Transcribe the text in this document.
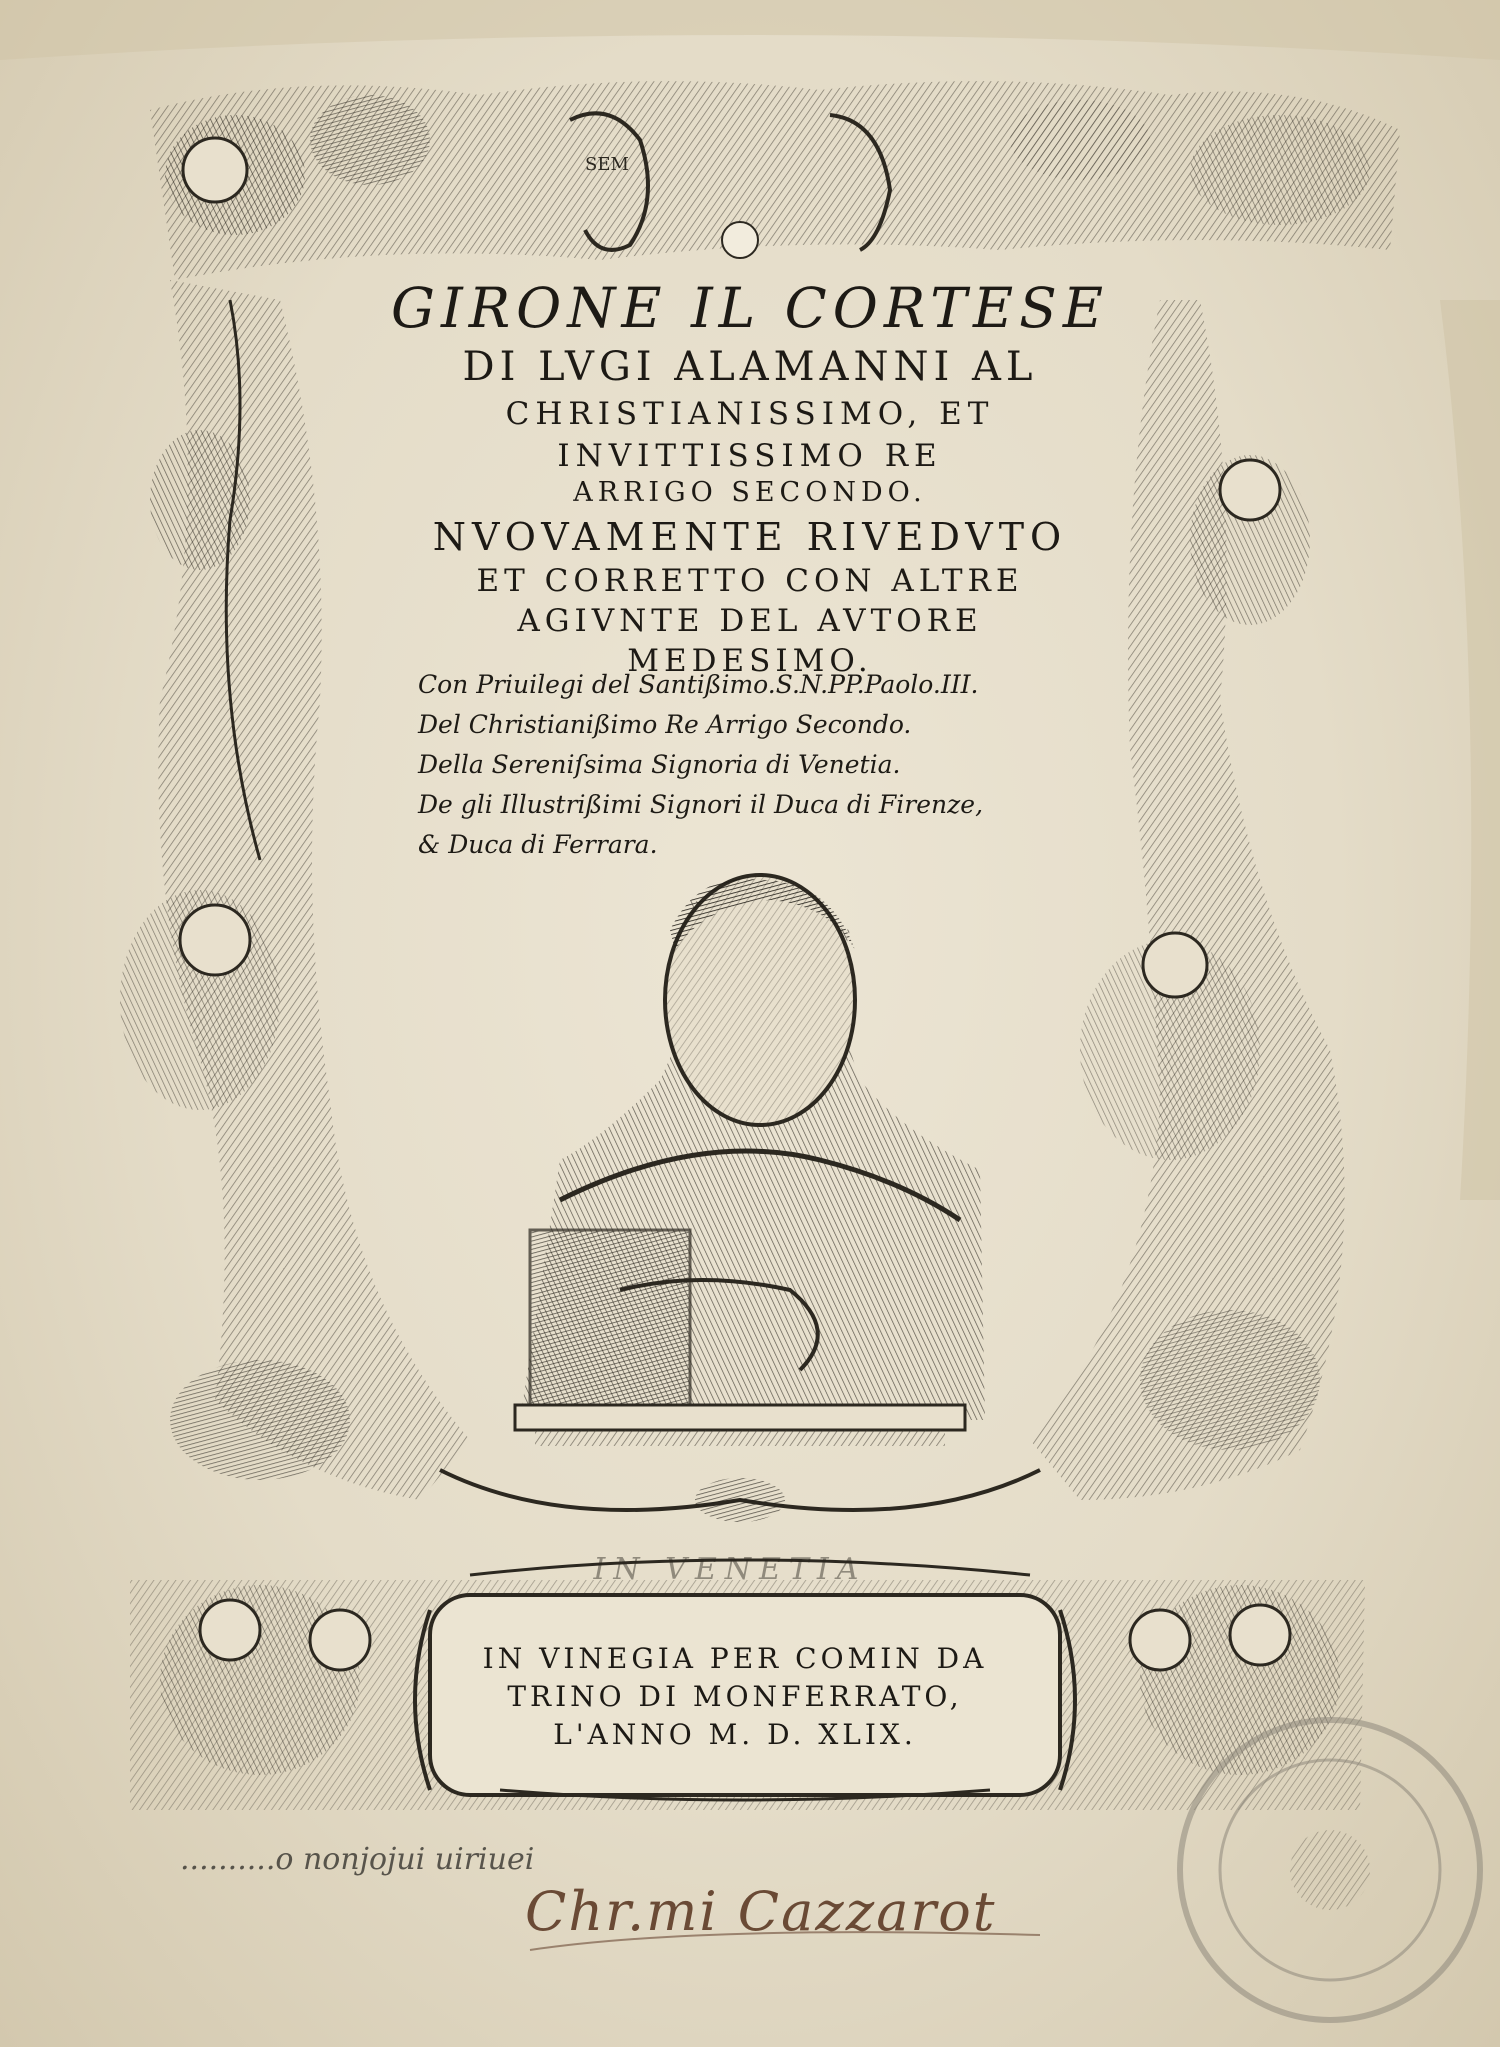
SEM
GIRONE IL CORTESE
DI LVGI ALAMANNI AL
CHRISTIANISSIMO, ET
INVITTISSIMO RE
ARRIGO SECONDO.
NVOVAMENTE RIVEDVTO
ET CORRETTO CON ALTRE
AGIVNTE DEL AVTORE
MEDESIMO.
Con Priuilegi del Santißimo.S.N.PP.Paolo.III.
Del Christianißimo Re Arrigo Secondo.
Della Sereniſsima Signoria di Venetia.
De gli Illustrißimi Signori il Duca di Firenze,
& Duca di Ferrara.
IN VENETIA
IN VINEGIA PER COMIN DA
TRINO DI MONFERRATO,
L'ANNO M. D. XLIX.
..........o nonjojui uiriuei
Chr.mi Cazzarot
